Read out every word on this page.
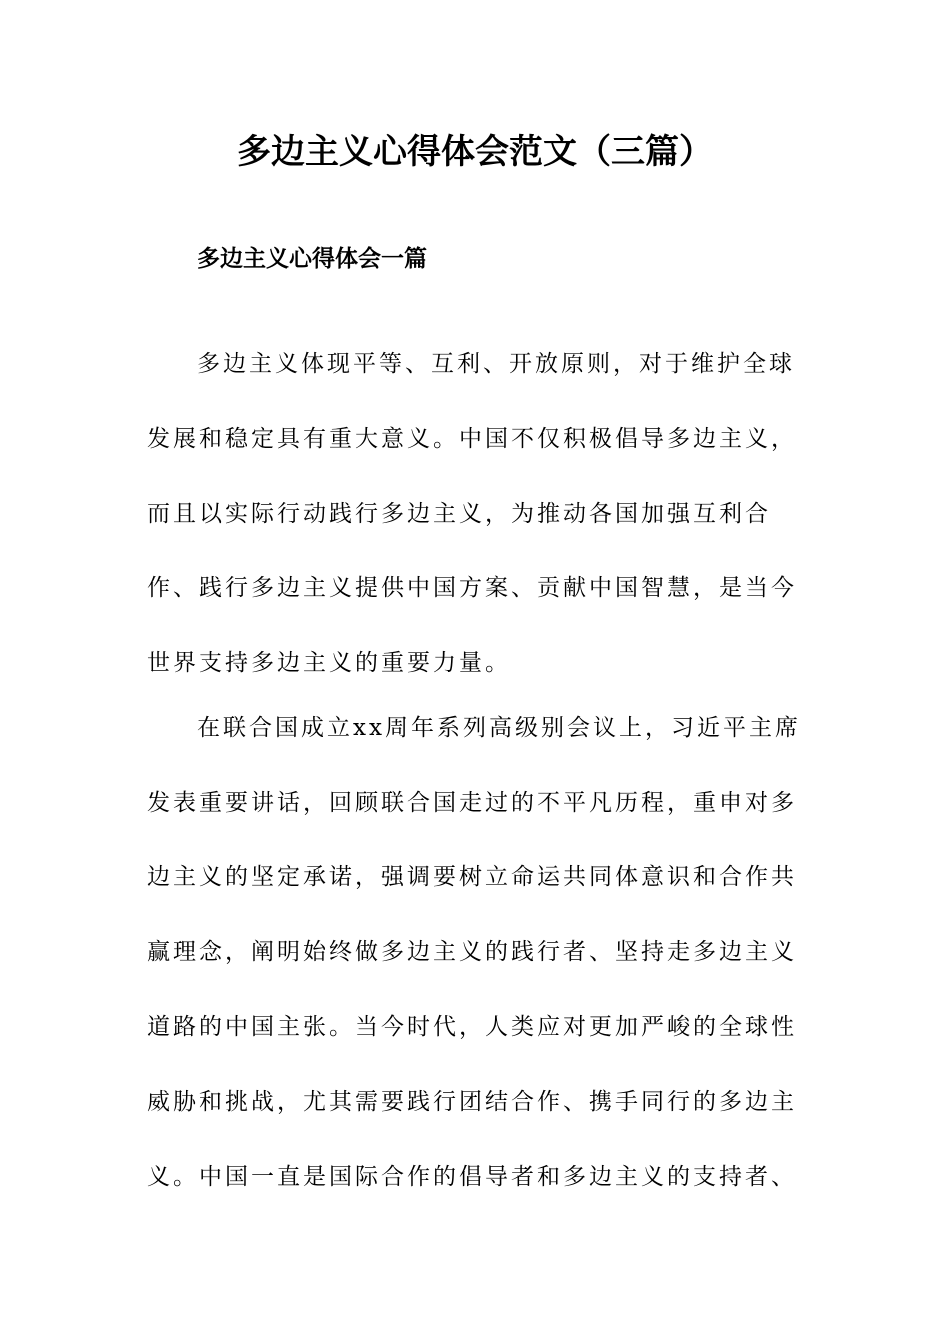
多边主义心得体会范文（三篇）
多边主义心得体会一篇

多边主义体现平等、互利、开放原则，对于维护全球

发展和稳定具有重大意义。中国不仅积极倡导多边主义，

而且以实际行动践行多边主义，为推动各国加强互利合

作、践行多边主义提供中国方案、贡献中国智慧，是当今

世界支持多边主义的重要力量。

在联合国成立xx周年系列高级别会议上，习近平主席

发表重要讲话，回顾联合国走过的不平凡历程，重申对多

边主义的坚定承诺，强调要树立命运共同体意识和合作共

赢理念，阐明始终做多边主义的践行者、坚持走多边主义

道路的中国主张。当今时代，人类应对更加严峻的全球性

威胁和挑战，尤其需要践行团结合作、携手同行的多边主

义。中国一直是国际合作的倡导者和多边主义的支持者、
